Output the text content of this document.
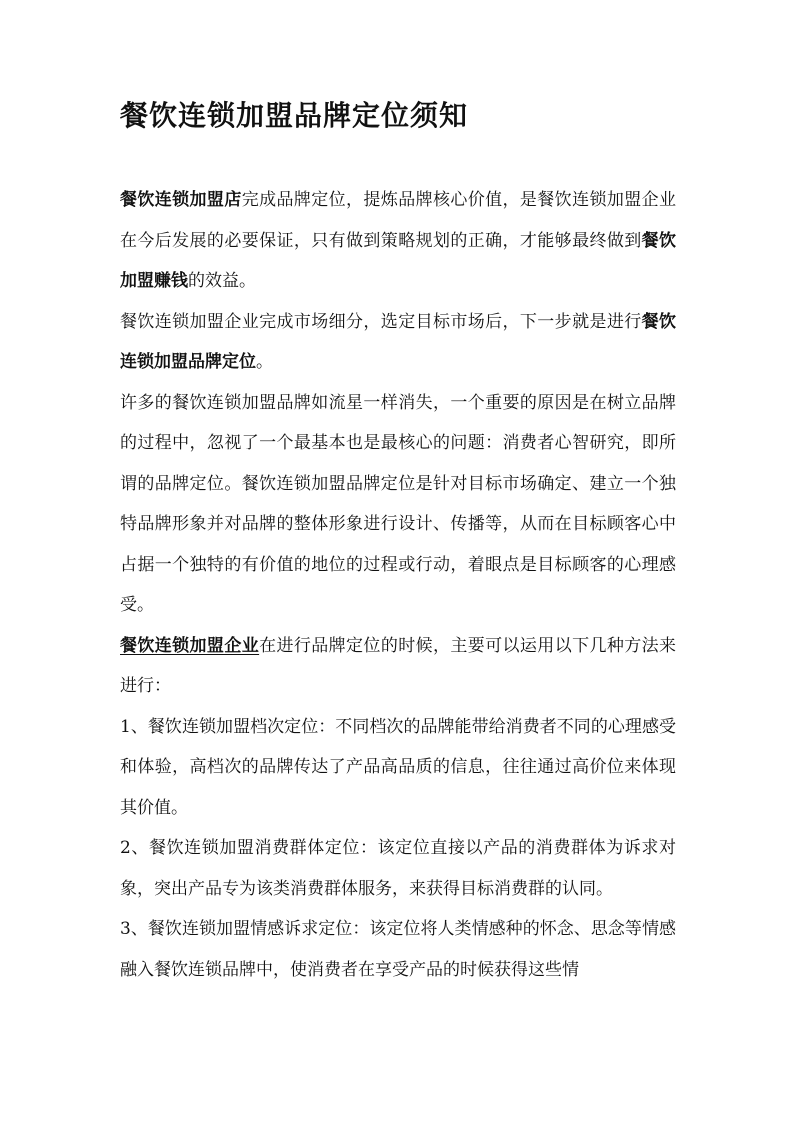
餐饮连锁加盟品牌定位须知

餐饮连锁加盟店完成品牌定位，提炼品牌核心价值，是餐饮连锁加盟企业在今后发展的必要保证，只有做到策略规划的正确，才能够最终做到餐饮加盟赚钱的效益。

餐饮连锁加盟企业完成市场细分，选定目标市场后，下一步就是进行餐饮连锁加盟品牌定位。

许多的餐饮连锁加盟品牌如流星一样消失，一个重要的原因是在树立品牌的过程中，忽视了一个最基本也是最核心的问题：消费者心智研究，即所谓的品牌定位。餐饮连锁加盟品牌定位是针对目标市场确定、建立一个独特品牌形象并对品牌的整体形象进行设计、传播等，从而在目标顾客心中占据一个独特的有价值的地位的过程或行动，着眼点是目标顾客的心理感受。

餐饮连锁加盟企业在进行品牌定位的时候，主要可以运用以下几种方法来进行：

1、餐饮连锁加盟档次定位：不同档次的品牌能带给消费者不同的心理感受和体验，高档次的品牌传达了产品高品质的信息，往往通过高价位来体现其价值。

2、餐饮连锁加盟消费群体定位：该定位直接以产品的消费群体为诉求对象，突出产品专为该类消费群体服务，来获得目标消费群的认同。

3、餐饮连锁加盟情感诉求定位：该定位将人类情感种的怀念、思念等情感融入餐饮连锁品牌中，使消费者在享受产品的时候获得这些情
